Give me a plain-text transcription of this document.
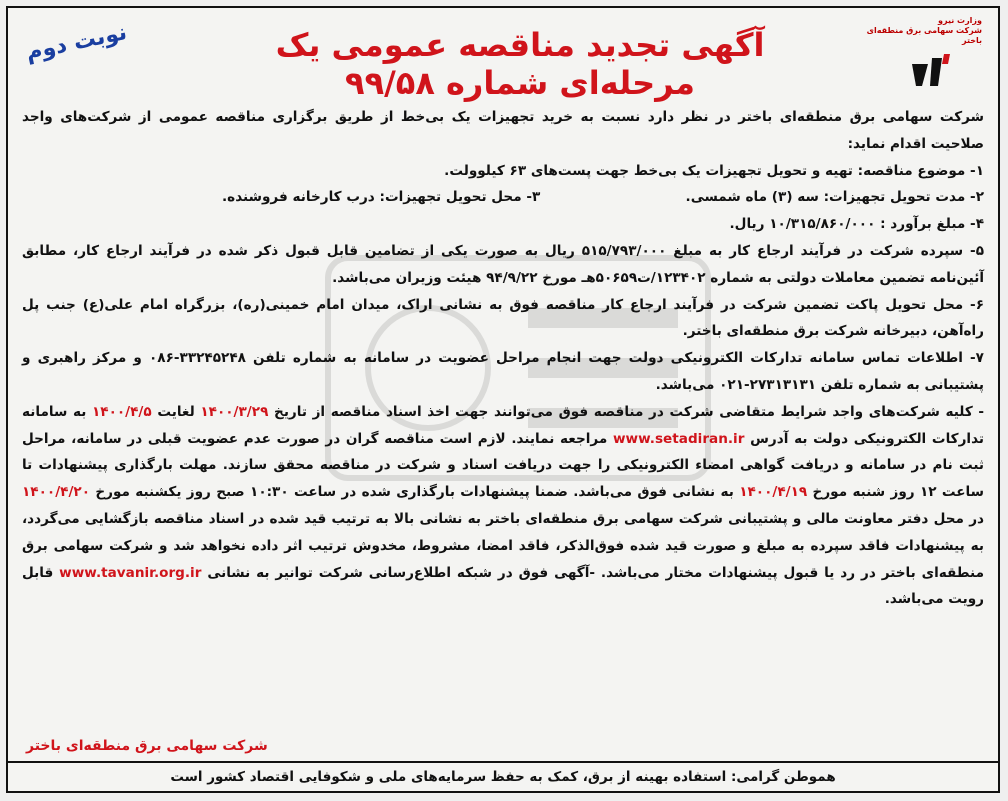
وزارت نیرو
شرکت سهامی برق منطقه‌ای باختر
آگهی تجدید مناقصه عمومی یک مرحله‌ای شماره ۹۹/۵۸
نوبت دوم

شرکت سهامی برق منطقه‌ای باختر در نظر دارد نسبت به خرید تجهیزات یک بی‌خط از طریق برگزاری مناقصه عمومی از شرکت‌های واجد صلاحیت اقدام نماید:

۱- موضوع مناقصه: تهیه و تحویل تجهیزات یک بی‌خط جهت پست‌های ۶۳ کیلوولت.

۲- مدت تحویل تجهیزات: سه (۳) ماه شمسی.
۳- محل تحویل تجهیزات: درب کارخانه فروشنده.

۴- مبلغ برآورد : ۱۰/۳۱۵/۸۶۰/۰۰۰ ریال.

۵- سپرده شرکت در فرآیند ارجاع کار به مبلغ ۵۱۵/۷۹۳/۰۰۰ ریال به صورت یکی از تضامین قابل قبول ذکر شده در فرآیند ارجاع کار، مطابق آئین‌نامه تضمین معاملات دولتی به شماره ۱۲۳۴۰۲/ت۵۰۶۵۹هـ مورخ ۹۴/۹/۲۲ هیئت وزیران می‌باشد.

۶- محل تحویل پاکت تضمین شرکت در فرآیند ارجاع کار مناقصه فوق به نشانی اراک، میدان امام خمینی(ره)، بزرگراه امام علی(ع) جنب پل راه‌آهن، دبیرخانه شرکت برق منطقه‌ای باختر.

۷- اطلاعات تماس سامانه تدارکات الکترونیکی دولت جهت انجام مراحل عضویت در سامانه به شماره تلفن ۳۳۲۴۵۲۴۸-۰۸۶ و مرکز راهبری و پشتیبانی به شماره تلفن ۲۷۳۱۳۱۳۱-۰۲۱ می‌باشد.

- کلیه شرکت‌های واجد شرایط متقاضی شرکت در مناقصه فوق می‌توانند جهت اخذ اسناد مناقصه از تاریخ ۱۴۰۰/۳/۲۹ لغایت ۱۴۰۰/۴/۵ به سامانه تدارکات الکترونیکی دولت به آدرس www.setadiran.ir مراجعه نمایند. لازم است مناقصه گران در صورت عدم عضویت قبلی در سامانه، مراحل ثبت نام در سامانه و دریافت گواهی امضاء الکترونیکی را جهت دریافت اسناد و شرکت در مناقصه محقق سازند. مهلت بارگذاری پیشنهادات تا ساعت ۱۲ روز شنبه مورخ ۱۴۰۰/۴/۱۹ به نشانی فوق می‌باشد. ضمنا پیشنهادات بارگذاری شده در ساعت ۱۰:۳۰ صبح روز یکشنبه مورخ ۱۴۰۰/۴/۲۰ در محل دفتر معاونت مالی و پشتیبانی شرکت سهامی برق منطقه‌ای باختر به نشانی بالا به ترتیب قید شده در اسناد مناقصه بازگشایی می‌گردد، به پیشنهادات فاقد سپرده به مبلغ و صورت قید شده فوق‌الذکر، فاقد امضا، مشروط، مخدوش ترتیب اثر داده نخواهد شد و شرکت سهامی برق منطقه‌ای باختر در رد یا قبول پیشنهادات مختار می‌باشد. -آگهی فوق در شبکه اطلاع‌رسانی شرکت توانیر به نشانی www.tavanir.org.ir قابل رویت می‌باشد.

شرکت سهامی برق منطقه‌ای باختر
هموطن گرامی: استفاده بهینه از برق، کمک به حفظ سرمایه‌های ملی و شکوفایی اقتصاد کشور است
